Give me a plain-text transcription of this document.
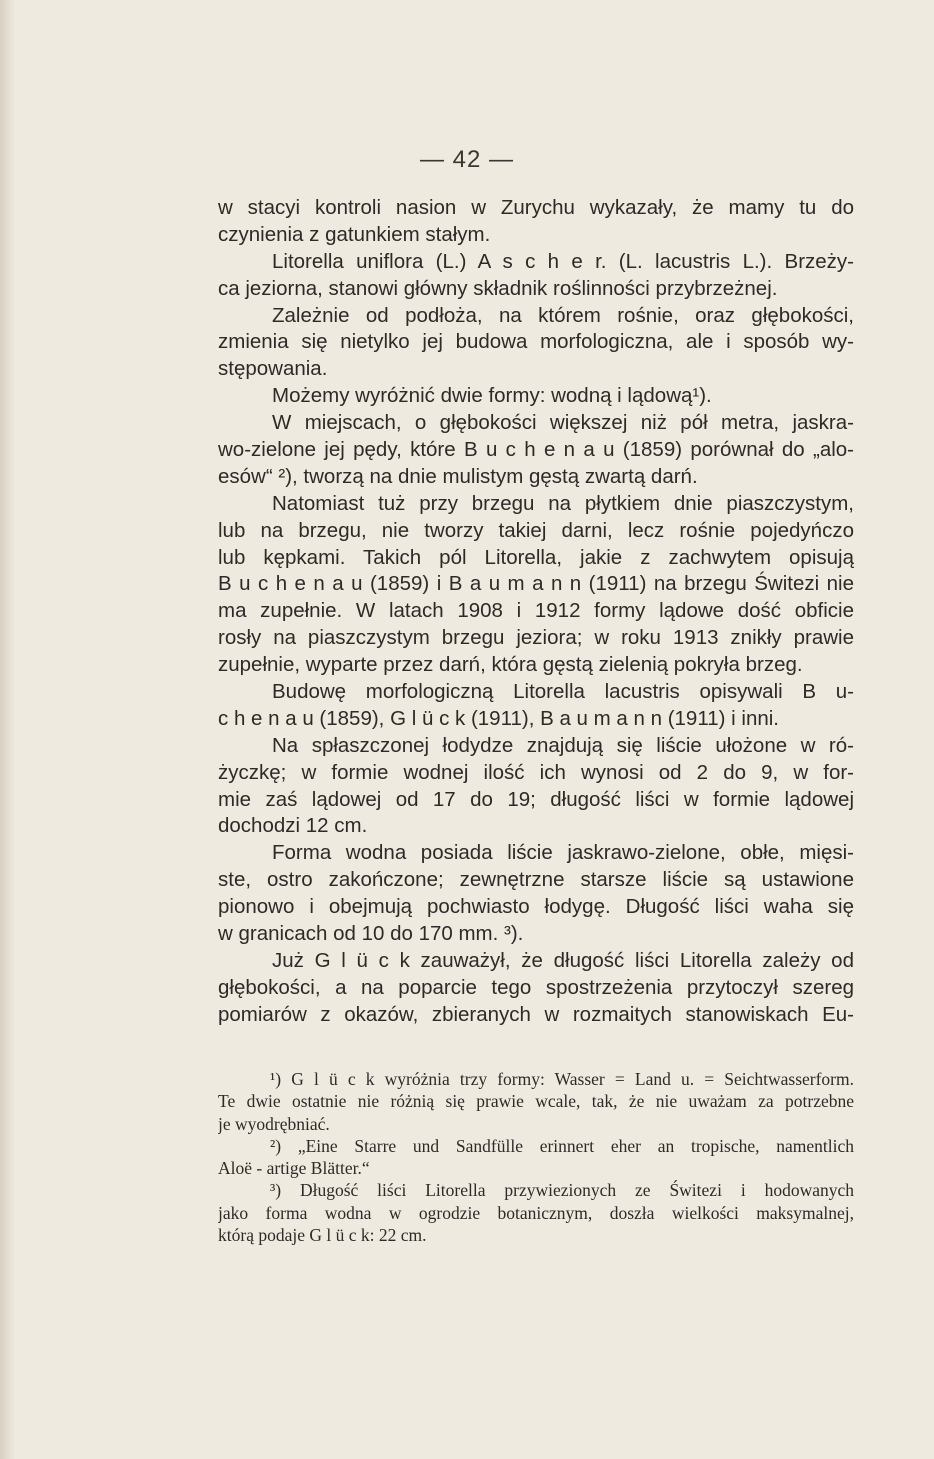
— 42 —
w stacyi kontroli nasion w Zurychu wykazały, że mamy tu do
czynienia z gatunkiem stałym.
Litorella uniflora (L.) A s c h e r. (L. lacustris L.). Brzeży-
ca jeziorna, stanowi główny składnik roślinności przybrzeżnej.
Zależnie od podłoża, na którem rośnie, oraz głębokości,
zmienia się nietylko jej budowa morfologiczna, ale i sposób wy-
stępowania.
Możemy wyróżnić dwie formy: wodną i lądową¹).
W miejscach, o głębokości większej niż pół metra, jaskra-
wo-zielone jej pędy, które B u c h e n a u (1859) porównał do „alo-
esów“ ²), tworzą na dnie mulistym gęstą zwartą darń.
Natomiast tuż przy brzegu na płytkiem dnie piaszczystym,
lub na brzegu, nie tworzy takiej darni, lecz rośnie pojedyńczo
lub kępkami. Takich pól Litorella, jakie z zachwytem opisują
B u c h e n a u (1859) i B a u m a n n (1911) na brzegu Świtezi nie
ma zupełnie. W latach 1908 i 1912 formy lądowe dość obficie
rosły na piaszczystym brzegu jeziora; w roku 1913 znikły prawie
zupełnie, wyparte przez darń, która gęstą zielenią pokryła brzeg.
Budowę morfologiczną Litorella lacustris opisywali B u-
c h e n a u (1859), G l ü c k (1911), B a u m a n n (1911) i inni.
Na spłaszczonej łodydze znajdują się liście ułożone w ró-
życzkę; w formie wodnej ilość ich wynosi od 2 do 9, w for-
mie zaś lądowej od 17 do 19; długość liści w formie lądowej
dochodzi 12 cm.
Forma wodna posiada liście jaskrawo-zielone, obłe, mięsi-
ste, ostro zakończone; zewnętrzne starsze liście są ustawione
pionowo i obejmują pochwiasto łodygę. Długość liści waha się
w granicach od 10 do 170 mm. ³).
Już G l ü c k zauważył, że długość liści Litorella zależy od
głębokości, a na poparcie tego spostrzeżenia przytoczył szereg
pomiarów z okazów, zbieranych w rozmaitych stanowiskach Eu-
¹) G l ü c k wyróżnia trzy formy: Wasser = Land u. = Seichtwasserform.
Te dwie ostatnie nie różnią się prawie wcale, tak, że nie uważam za potrzebne
je wyodrębniać.
²) „Eine Starre und Sandfülle erinnert eher an tropische, namentlich
Aloë - artige Blätter.“
³) Długość liści Litorella przywiezionych ze Świtezi i hodowanych
jako forma wodna w ogrodzie botanicznym, doszła wielkości maksymalnej,
którą podaje G l ü c k: 22 cm.
